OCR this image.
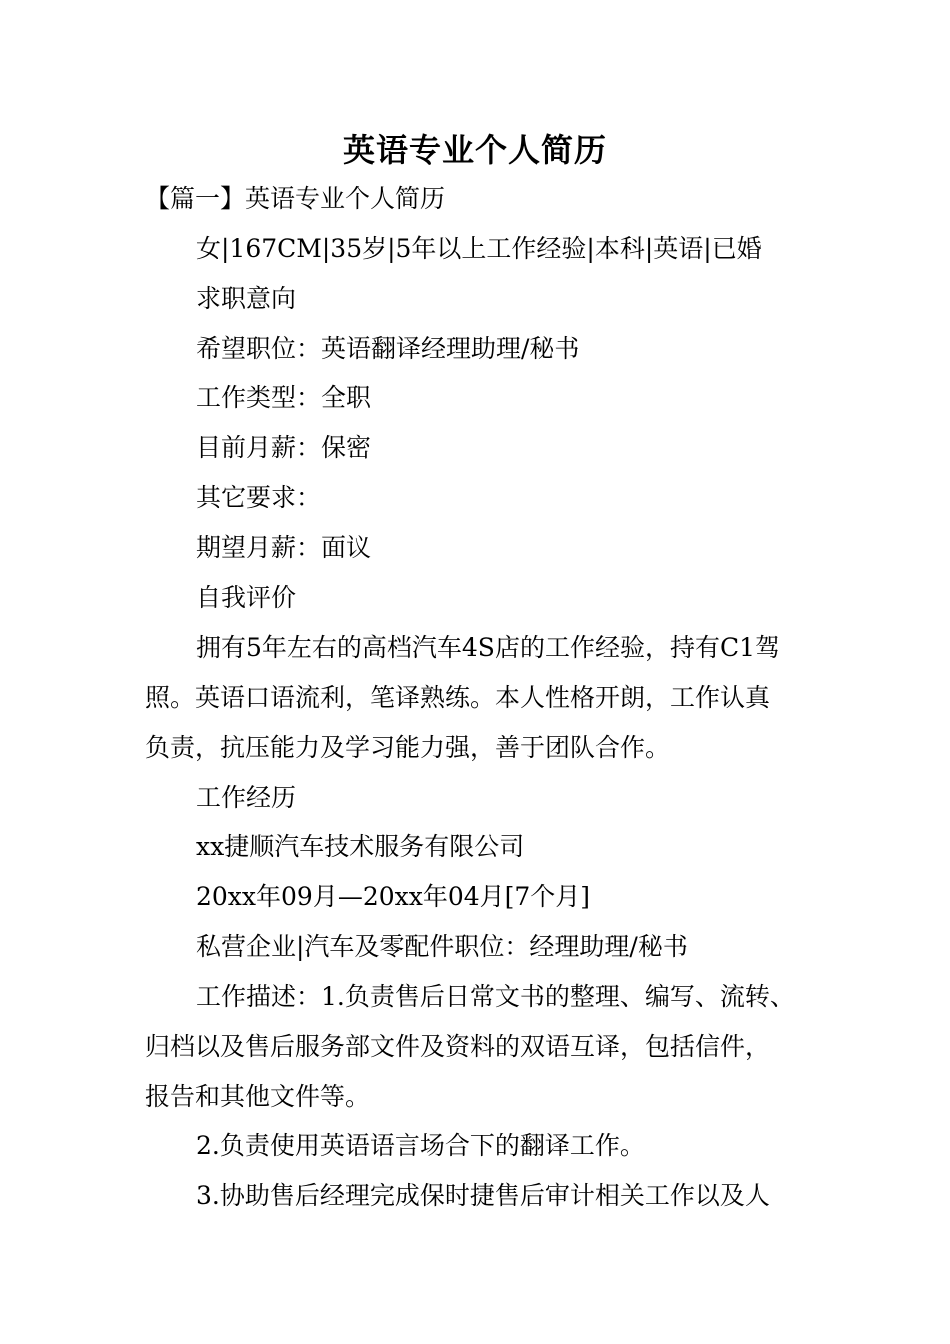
英语专业个人简历

【篇一】英语专业个人简历

女|167CM|35岁|5年以上工作经验|本科|英语|已婚

求职意向

希望职位：英语翻译经理助理/秘书

工作类型：全职

目前月薪：保密

其它要求：

期望月薪：面议

自我评价

拥有5年左右的高档汽车4S店的工作经验，持有C1驾

照。英语口语流利，笔译熟练。本人性格开朗，工作认真

负责，抗压能力及学习能力强，善于团队合作。

工作经历

xx捷顺汽车技术服务有限公司

20xx年09月—20xx年04月[7个月]

私营企业|汽车及零配件职位：经理助理/秘书

工作描述：1.负责售后日常文书的整理、编写、流转、

归档以及售后服务部文件及资料的双语互译，包括信件，

报告和其他文件等。

2.负责使用英语语言场合下的翻译工作。

3.协助售后经理完成保时捷售后审计相关工作以及人
